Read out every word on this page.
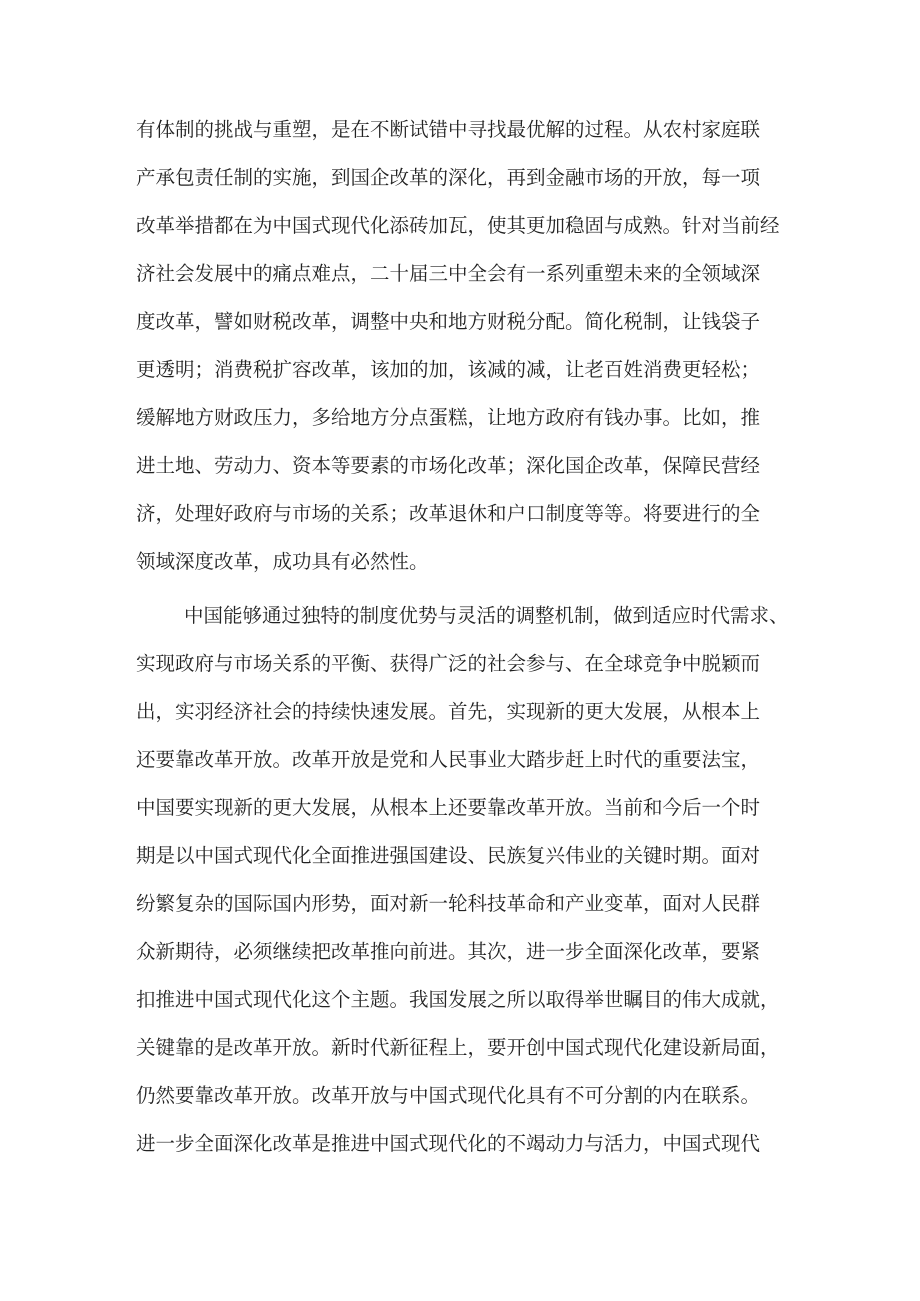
有体制的挑战与重塑，是在不断试错中寻找最优解的过程。从农村家庭联
产承包责任制的实施，到国企改革的深化，再到金融市场的开放，每一项
改革举措都在为中国式现代化添砖加瓦，使其更加稳固与成熟。针对当前经
济社会发展中的痛点难点，二十届三中全会有一系列重塑未来的全领域深
度改革，譬如财税改革，调整中央和地方财税分配。简化税制，让钱袋子
更透明；消费税扩容改革，该加的加，该减的减，让老百姓消费更轻松；
缓解地方财政压力，多给地方分点蛋糕，让地方政府有钱办事。比如，推
进土地、劳动力、资本等要素的市场化改革；深化国企改革，保障民营经
济，处理好政府与市场的关系；改革退休和户口制度等等。将要进行的全
领域深度改革，成功具有必然性。
中国能够通过独特的制度优势与灵活的调整机制，做到适应时代需求、
实现政府与市场关系的平衡、获得广泛的社会参与、在全球竞争中脱颖而
出，实羽经济社会的持续快速发展。首先，实现新的更大发展，从根本上
还要靠改革开放。改革开放是党和人民事业大踏步赶上时代的重要法宝，
中国要实现新的更大发展，从根本上还要靠改革开放。当前和今后一个时
期是以中国式现代化全面推进强国建设、民族复兴伟业的关键时期。面对
纷繁复杂的国际国内形势，面对新一轮科技革命和产业变革，面对人民群
众新期待，必须继续把改革推向前进。其次，进一步全面深化改革，要紧
扣推进中国式现代化这个主题。我国发展之所以取得举世瞩目的伟大成就，
关键靠的是改革开放。新时代新征程上，要开创中国式现代化建设新局面，
仍然要靠改革开放。改革开放与中国式现代化具有不可分割的内在联系。
进一步全面深化改革是推进中国式现代化的不竭动力与活力，中国式现代
